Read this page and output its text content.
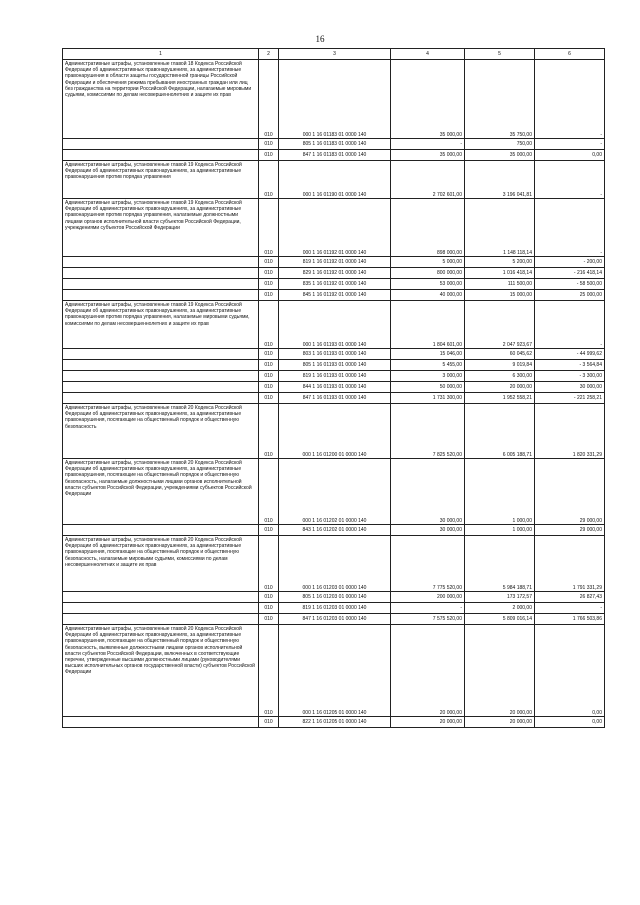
16
1	2	3	4	5	6
Административные штрафы, установленные главой 18 Кодекса Российской Федерации об административных правонарушениях, за административные правонарушения в области защиты государственной границы Российской Федерации и обеспечения режима пребывания иностранных граждан или лиц без гражданства на территории Российской Федерации, налагаемые мировыми судьями, комиссиями по делам несовершеннолетних и защите их прав	010	000 1 16 01183 01 0000 140	35 000,00	35 750,00	-
	010	805 1 16 01183 01 0000 140	-	750,00	-
	010	847 1 16 01183 01 0000 140	35 000,00	35 000,00	0,00
Административные штрафы, установленные главой 19 Кодекса Российской Федерации об административных правонарушениях, за административные правонарушения против порядка управления	010	000 1 16 01190 01 0000 140	2 702 601,00	3 196 041,81	-
Административные штрафы, установленные главой 19 Кодекса Российской Федерации об административных правонарушениях, за административные правонарушения против порядка управления, налагаемые должностными лицами органов исполнительной власти субъектов Российской Федерации, учреждениями субъектов Российской Федерации	010	000 1 16 01192 01 0000 140	898 000,00	1 148 118,14	-
	010	819 1 16 01192 01 0000 140	5 000,00	5 200,00	- 200,00
	010	829 1 16 01192 01 0000 140	800 000,00	1 016 418,14	- 216 418,14
	010	835 1 16 01192 01 0000 140	53 000,00	111 500,00	- 58 500,00
	010	845 1 16 01192 01 0000 140	40 000,00	15 000,00	25 000,00
Административные штрафы, установленные главой 19 Кодекса Российской Федерации об административных правонарушениях, за административные правонарушения против порядка управления, налагаемые мировыми судьями, комиссиями по делам несовершеннолетних и защите их прав	010	000 1 16 01193 01 0000 140	1 804 601,00	2 047 923,67	-
	010	803 1 16 01193 01 0000 140	15 046,00	60 045,62	- 44 999,62
	010	805 1 16 01193 01 0000 140	5 455,00	9 019,84	- 3 564,84
	010	819 1 16 01193 01 0000 140	3 000,00	6 300,00	- 3 300,00
	010	844 1 16 01193 01 0000 140	50 000,00	20 000,00	30 000,00
	010	847 1 16 01193 01 0000 140	1 731 300,00	1 952 558,21	- 221 258,21
Административные штрафы, установленные главой 20 Кодекса Российской Федерации об административных правонарушениях, за административные правонарушения, посягающие на общественный порядок и общественную безопасность	010	000 1 16 01200 01 0000 140	7 825 520,00	6 005 188,71	1 820 331,29
Административные штрафы, установленные главой 20 Кодекса Российской Федерации об административных правонарушениях, за административные правонарушения, посягающие на общественный порядок и общественную безопасность, налагаемые должностными лицами органов исполнительной власти субъектов Российской Федерации, учреждениями субъектов Российской Федерации	010	000 1 16 01202 01 0000 140	30 000,00	1 000,00	29 000,00
	010	843 1 16 01202 01 0000 140	30 000,00	1 000,00	29 000,00
Административные штрафы, установленные главой 20 Кодекса Российской Федерации об административных правонарушениях, за административные правонарушения, посягающие на общественный порядок и общественную безопасность, налагаемые мировыми судьями, комиссиями по делам несовершеннолетних и защите их прав	010	000 1 16 01203 01 0000 140	7 775 520,00	5 984 188,71	1 791 331,29
	010	805 1 16 01203 01 0000 140	200 000,00	173 172,57	26 827,43
	010	819 1 16 01203 01 0000 140	-	2 000,00	-
	010	847 1 16 01203 01 0000 140	7 575 520,00	5 809 016,14	1 766 503,86
Административные штрафы, установленные главой 20 Кодекса Российской Федерации об административных правонарушениях, за административные правонарушения, посягающие на общественный порядок и общественную безопасность, выявленные должностными лицами органов исполнительной власти субъектов Российской Федерации, включенных в соответствующие перечни, утвержденные высшими должностными лицами (руководителями высших исполнительных органов государственной власти) субъектов Российской Федерации	010	000 1 16 01205 01 0000 140	20 000,00	20 000,00	0,00
	010	822 1 16 01205 01 0000 140	20 000,00	20 000,00	0,00
